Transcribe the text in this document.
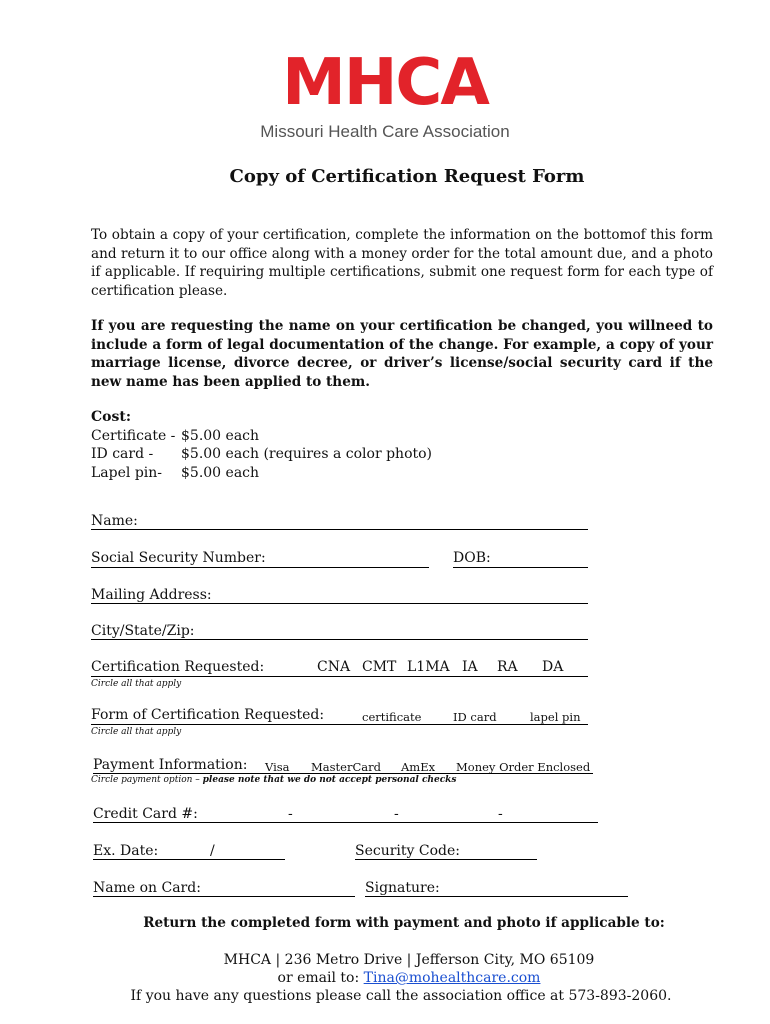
MHCA
Missouri Health Care Association
Copy of Certification Request Form
To obtain a copy of your certification, complete the information on the bottomof this form and return it to our office along with a money order for the total amount due, and a photo if applicable. If requiring multiple certifications, submit one request form for each type of certification please.
If you are requesting the name on your certification be changed, you willneed to include a form of legal documentation of the change. For example, a copy of your marriage license, divorce decree, or driver’s license/social security card if the new name has been applied to them.
Cost:
Certificate - $5.00 each
ID card -	$5.00 each (requires a color photo)
Lapel pin-	$5.00 each
Name:
Social Security Number:	DOB:
Mailing Address:
City/State/Zip:
Certification Requested:	CNA CMT L1MA IA RA DA
Circle all that apply
Form of Certification Requested:	certificate	ID card	lapel pin
Circle all that apply
Payment Information: Visa MasterCard AmEx Money Order Enclosed
Circle payment option – please note that we do not accept personal checks
Credit Card #:	-	-	-
Ex. Date:	/	Security Code:
Name on Card:	Signature:
Return the completed form with payment and photo if applicable to:
MHCA | 236 Metro Drive | Jefferson City, MO 65109
or email to: Tina@mohealthcare.com
If you have any questions please call the association office at 573-893-2060.
